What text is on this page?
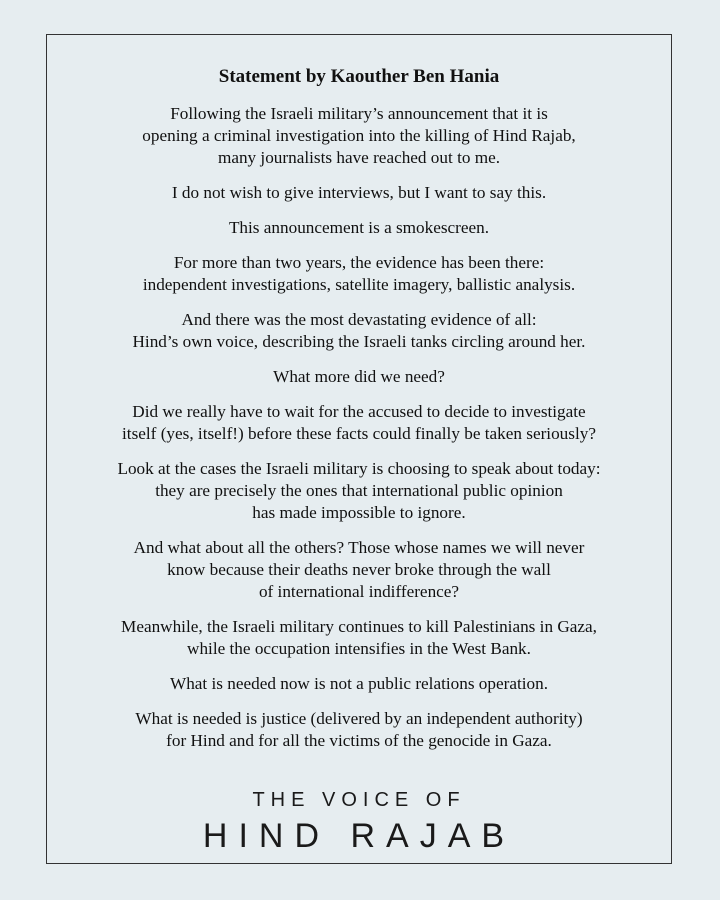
Statement by Kaouther Ben Hania
Following the Israeli military’s announcement that it is
opening a criminal investigation into the killing of Hind Rajab,
many journalists have reached out to me.
I do not wish to give interviews, but I want to say this.
This announcement is a smokescreen.
For more than two years, the evidence has been there:
independent investigations, satellite imagery, ballistic analysis.
And there was the most devastating evidence of all:
Hind’s own voice, describing the Israeli tanks circling around her.
What more did we need?
Did we really have to wait for the accused to decide to investigate
itself (yes, itself!) before these facts could finally be taken seriously?
Look at the cases the Israeli military is choosing to speak about today:
they are precisely the ones that international public opinion
has made impossible to ignore.
And what about all the others? Those whose names we will never
know because their deaths never broke through the wall
of international indifference?
Meanwhile, the Israeli military continues to kill Palestinians in Gaza,
while the occupation intensifies in the West Bank.
What is needed now is not a public relations operation.
What is needed is justice (delivered by an independent authority)
for Hind and for all the victims of the genocide in Gaza.
THE VOICE OF
HIND RAJAB
